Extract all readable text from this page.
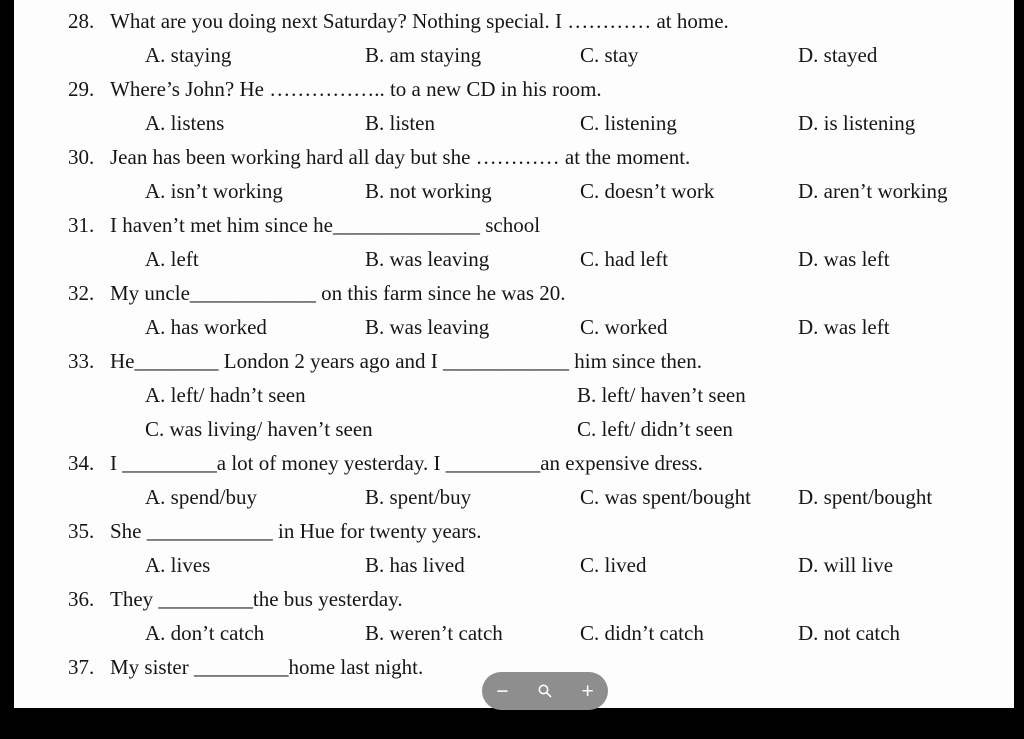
28. What are you doing next Saturday? Nothing special. I ………… at home.
A. staying	B. am staying	C. stay	D. stayed
29. Where’s John? He …………….. to a new CD in his room.
A. listens	B. listen	C. listening	D. is listening
30. Jean has been working hard all day but she ………… at the moment.
A. isn’t working	B. not working	C. doesn’t work	D. aren’t working
31. I haven’t met him since he______________ school
A. left	B. was leaving	C. had left	D. was left
32. My uncle____________ on this farm since he was 20.
A. has worked	B. was leaving	C. worked	D. was left
33. He________ London 2 years ago and I ____________ him since then.
A. left/ hadn’t seen	B. left/ haven’t seen
C. was living/ haven’t seen	C. left/ didn’t seen
34. I _________a lot of money yesterday. I _________an expensive dress.
A. spend/buy	B. spent/buy	C. was spent/bought	D. spent/bought
35. She ____________ in Hue for twenty years.
A. lives	B. has lived	C. lived	D. will live
36. They _________the bus yesterday.
A. don’t catch	B. weren’t catch	C. didn’t catch	D. not catch
37. My sister _________home last night.
−	+
